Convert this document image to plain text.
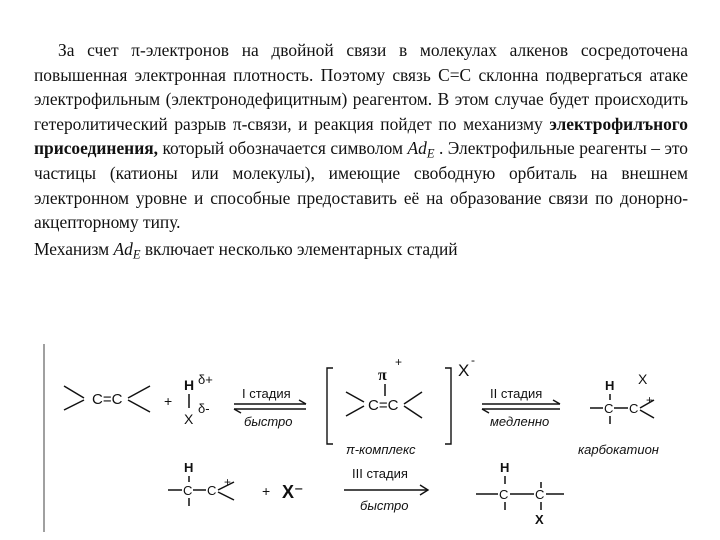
За счет π-электронов на двойной связи в молекулах алкенов сосредоточена повышенная электронная плотность. Поэтому связь С=С склонна подвергаться атаке электрофильным (электронодефицитным) реагентом. В этом случае будет происходить гетеролитический разрыв π-связи, и реакция пойдет по механизму электрофилъного присоединения, который обозначается символом $Ad_E$ . Электрофильные реагенты – это частицы (катионы или молекулы), имеющие свободную орбиталь на внешнем электронном уровне и способные предоставить её на образование связи по донорно-акцепторному типу.

Механизм $Ad_E$ включает несколько элементарных стадий

C=C	+
H
X
δ+
δ-
I стадия
быстро
π
+
C=C
X
-
π-комплекс
II стадия
медленно
H X
C C
+
карбокатион
H
C C
+
+ X⁻
III стадия
быстро
H
C C
X
